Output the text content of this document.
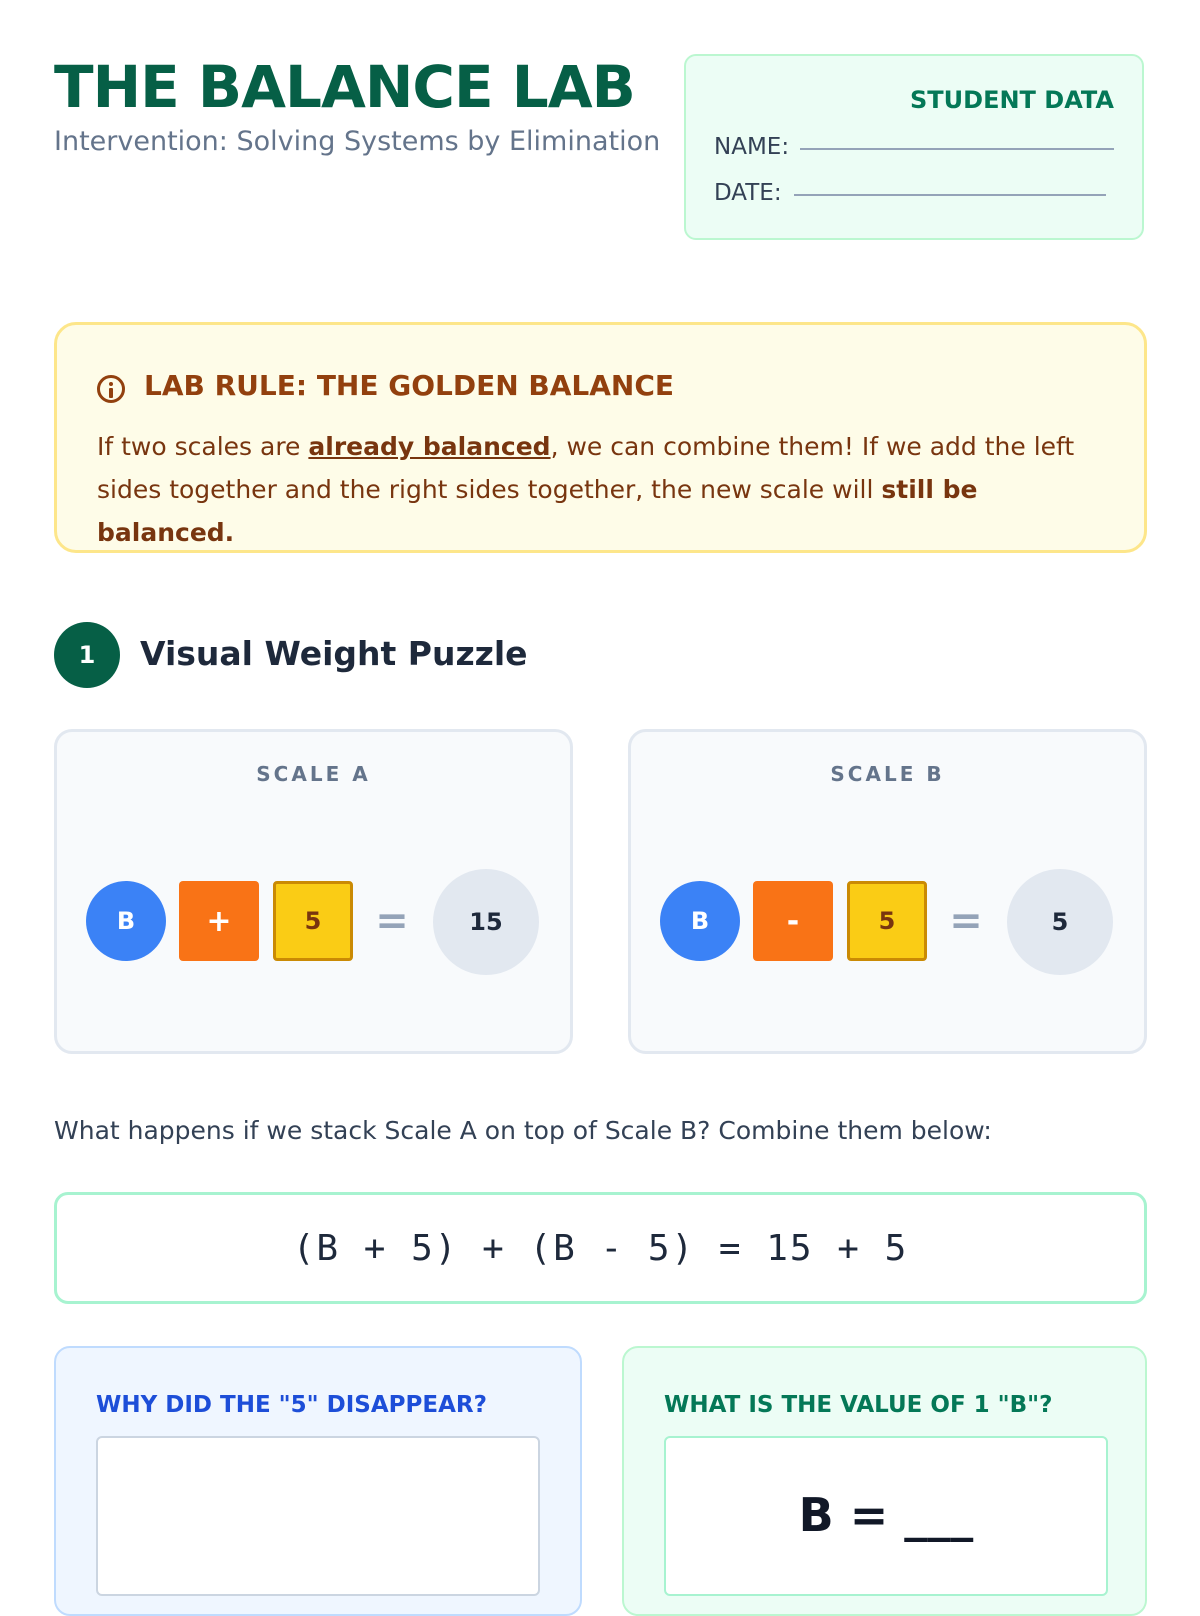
THE BALANCE LAB
Intervention: Solving Systems by Elimination
STUDENT DATA
NAME:
DATE:
LAB RULE: THE GOLDEN BALANCE
If two scales are already balanced, we can combine them! If we add the left sides together and the right sides together, the new scale will still be balanced.
1	Visual Weight Puzzle
SCALE A
B	+	5	=	15
SCALE B
B	-	5	=	5
What happens if we stack Scale A on top of Scale B? Combine them below:
(B + 5) + (B - 5) = 15 + 5
WHY DID THE "5" DISAPPEAR?	WHAT IS THE VALUE OF 1 "B"?
B = ___
